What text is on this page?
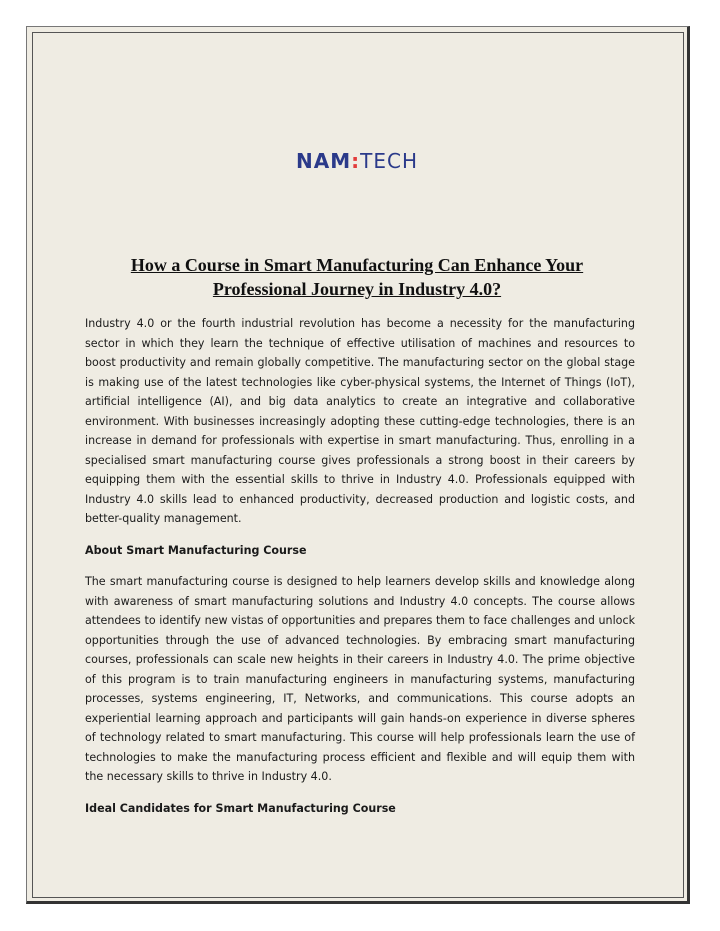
NAM:TECH
How a Course in Smart Manufacturing Can Enhance Your
Professional Journey in Industry 4.0?

Industry 4.0 or the fourth industrial revolution has become a necessity for the manufacturing sector in which they learn the technique of effective utilisation of machines and resources to boost productivity and remain globally competitive. The manufacturing sector on the global stage is making use of the latest technologies like cyber-physical systems, the Internet of Things (IoT), artificial intelligence (AI), and big data analytics to create an integrative and collaborative environment. With businesses increasingly adopting these cutting-edge technologies, there is an increase in demand for professionals with expertise in smart manufacturing. Thus, enrolling in a specialised smart manufacturing course gives professionals a strong boost in their careers by equipping them with the essential skills to thrive in Industry 4.0. Professionals equipped with Industry 4.0 skills lead to enhanced productivity, decreased production and logistic costs, and better-quality management.

About Smart Manufacturing Course

The smart manufacturing course is designed to help learners develop skills and knowledge along with awareness of smart manufacturing solutions and Industry 4.0 concepts. The course allows attendees to identify new vistas of opportunities and prepares them to face challenges and unlock opportunities through the use of advanced technologies. By embracing smart manufacturing courses, professionals can scale new heights in their careers in Industry 4.0. The prime objective of this program is to train manufacturing engineers in manufacturing systems, manufacturing processes, systems engineering, IT, Networks, and communications. This course adopts an experiential learning approach and participants will gain hands-on experience in diverse spheres of technology related to smart manufacturing. This course will help professionals learn the use of technologies to make the manufacturing process efficient and flexible and will equip them with the necessary skills to thrive in Industry 4.0.

Ideal Candidates for Smart Manufacturing Course
